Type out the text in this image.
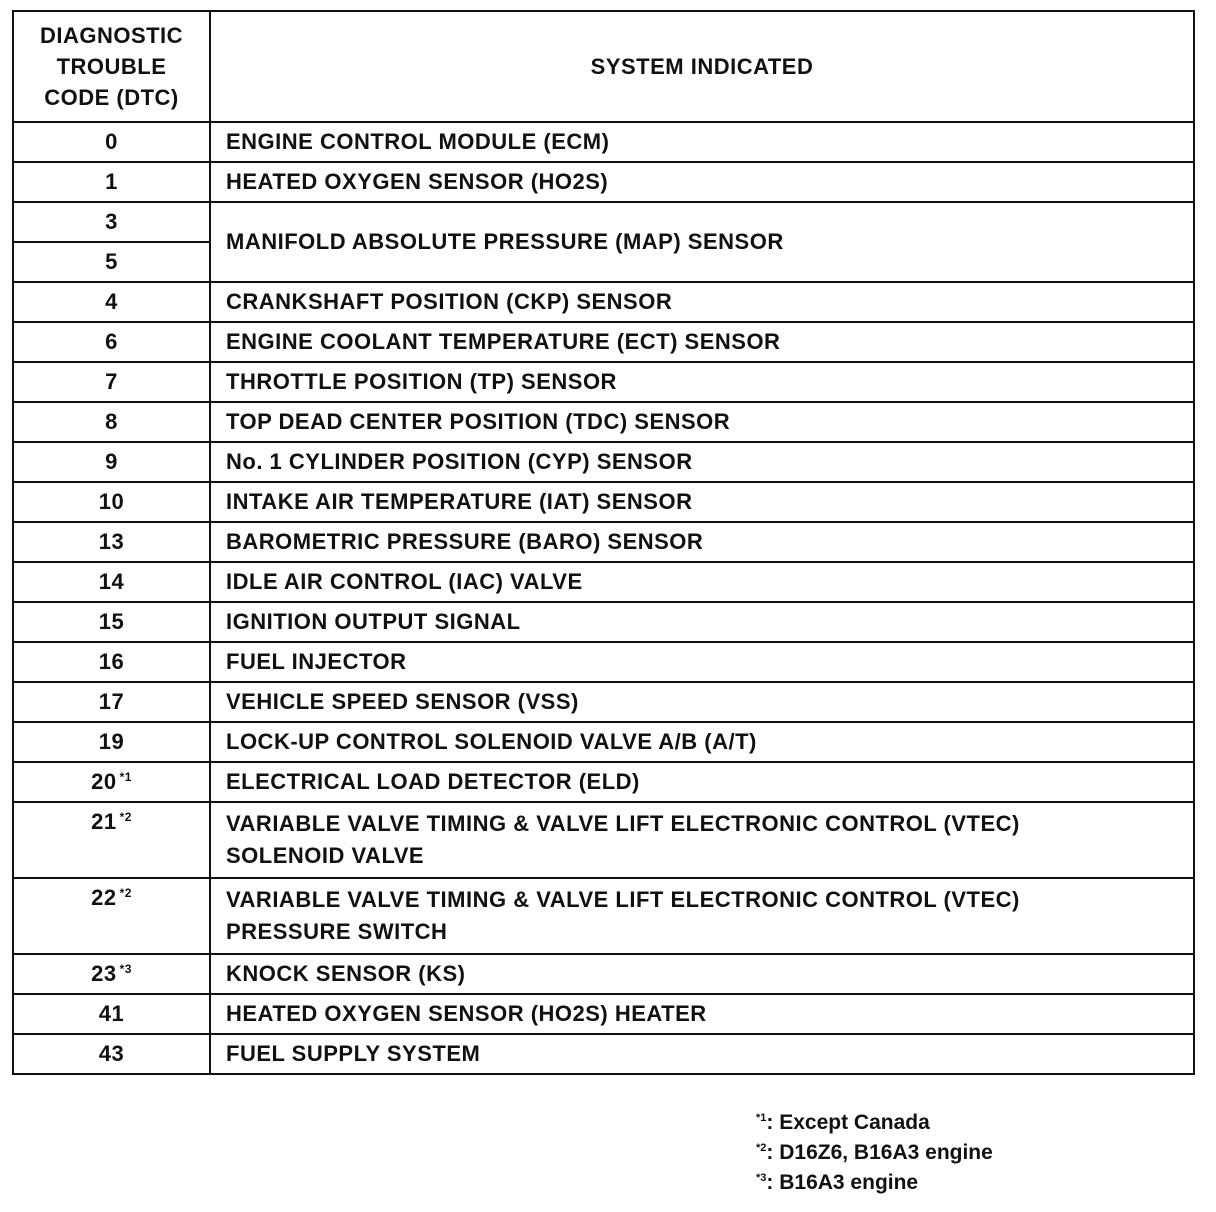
DIAGNOSTIC
TROUBLE
CODE (DTC)	SYSTEM INDICATED
0	ENGINE CONTROL MODULE (ECM)
1	HEATED OXYGEN SENSOR (HO2S)
3	MANIFOLD ABSOLUTE PRESSURE (MAP) SENSOR
5	
4	CRANKSHAFT POSITION (CKP) SENSOR
6	ENGINE COOLANT TEMPERATURE (ECT) SENSOR
7	THROTTLE POSITION (TP) SENSOR
8	TOP DEAD CENTER POSITION (TDC) SENSOR
9	No. 1 CYLINDER POSITION (CYP) SENSOR
10	INTAKE AIR TEMPERATURE (IAT) SENSOR
13	BAROMETRIC PRESSURE (BARO) SENSOR
14	IDLE AIR CONTROL (IAC) VALVE
15	IGNITION OUTPUT SIGNAL
16	FUEL INJECTOR
17	VEHICLE SPEED SENSOR (VSS)
19	LOCK-UP CONTROL SOLENOID VALVE A/B (A/T)
20 $^{*1}$	ELECTRICAL LOAD DETECTOR (ELD)
21 $^{*2}$	VARIABLE VALVE TIMING & VALVE LIFT ELECTRONIC CONTROL (VTEC)
SOLENOID VALVE
22 $^{*2}$	VARIABLE VALVE TIMING & VALVE LIFT ELECTRONIC CONTROL (VTEC)
PRESSURE SWITCH
23 $^{*3}$	KNOCK SENSOR (KS)
41	HEATED OXYGEN SENSOR (HO2S) HEATER
43	FUEL SUPPLY SYSTEM
$^{*1}$: Except Canada
$^{*2}$: D16Z6, B16A3 engine
$^{*3}$: B16A3 engine
